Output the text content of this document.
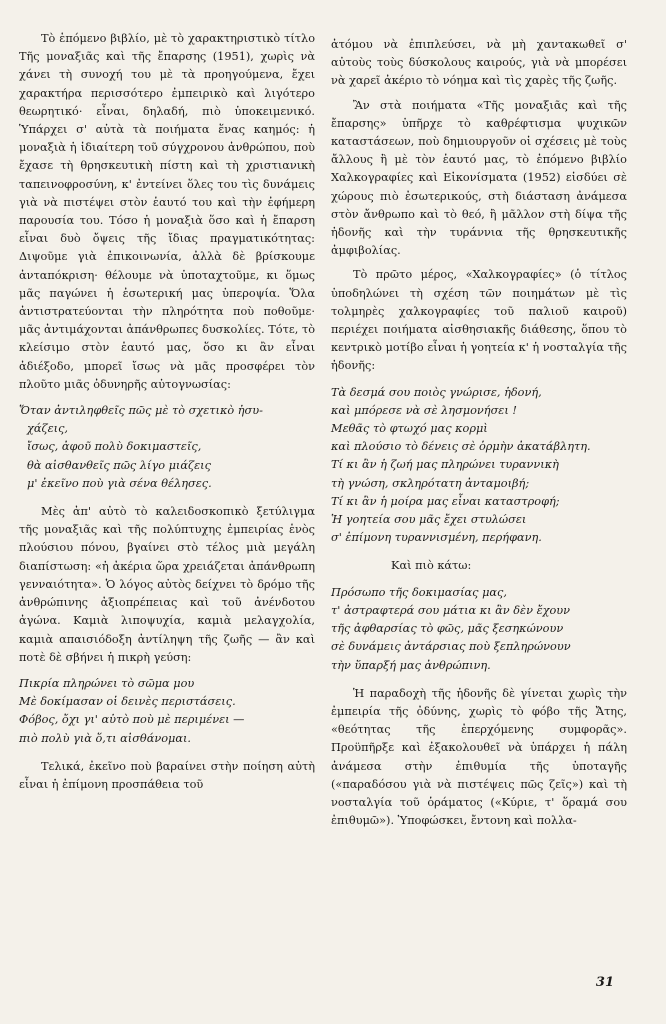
Τὸ ἑπόμενο βιβλίο, μὲ τὸ χαρακτηριστικὸ τίτλο Τῆς μοναξιᾶς καὶ τῆς ἔπαρσης (1951), χωρὶς νὰ χάνει τὴ συνοχή του μὲ τὰ προηγούμενα, ἔχει χαρακτήρα περισσότερο ἐμπειρικὸ καὶ λιγότερο θεωρητικό· εἶναι, δηλαδή, πιὸ ὑποκειμενικό. Ὑπάρχει σ' αὐτὰ τὰ ποιήματα ἕνας καημός: ἡ μοναξιὰ ἡ ἰδιαίτερη τοῦ σύγχρονου ἀνθρώπου, ποὺ ἔχασε τὴ θρησκευτικὴ πίστη καὶ τὴ χριστιανικὴ ταπεινοφροσύνη, κ' ἐντείνει ὅλες του τὶς δυνάμεις γιὰ νὰ πιστέψει στὸν ἑαυτό του καὶ τὴν ἐφήμερη παρουσία του. Τόσο ἡ μοναξιὰ ὅσο καὶ ἡ ἔπαρση εἶναι δυὸ ὄψεις τῆς ἴδιας πραγματικότητας: Διψοῦμε γιὰ ἐπικοινωνία, ἀλλὰ δὲ βρίσκουμε ἀνταπόκριση· θέλουμε νὰ ὑποταχτοῦμε, κι ὅμως μᾶς παγώνει ἡ ἐσωτερική μας ὑπεροψία. Ὅλα ἀντιστρατεύονται τὴν πληρότητα ποὺ ποθοῦμε· μᾶς ἀντιμάχονται ἀπάνθρωπες δυσκολίες. Τότε, τὸ κλείσιμο στὸν ἑαυτό μας, ὅσο κι ἂν εἶναι ἀδιέξοδο, μπορεῖ ἴσως νὰ μᾶς προσφέρει τὸν πλοῦτο μιᾶς ὀδυνηρῆς αὐτογνωσίας:

Ὅταν ἀντιληφθεῖς πῶς μὲ τὸ σχετικὸ ἠσυ-
χάζεις,
ἴσως, ἀφοῦ πολὺ δοκιμαστεῖς,
θὰ αἰσθανθεῖς πῶς λίγο μιάζεις
μ' ἐκεῖνο ποὺ γιὰ σένα θέλησες.

Μὲς ἀπ' αὐτὸ τὸ καλειδοσκοπικὸ ξετύλιγμα τῆς μοναξιᾶς καὶ τῆς πολύπτυχης ἐμπειρίας ἑνὸς πλούσιου πόνου, βγαίνει στὸ τέλος μιὰ μεγάλη διαπίστωση: «ἡ ἀκέρια ὥρα χρειάζεται ἀπάνθρωπη γενναιότητα». Ὁ λόγος αὐτὸς δείχνει τὸ δρόμο τῆς ἀνθρώπινης ἀξιοπρέπειας καὶ τοῦ ἀνένδοτου ἀγώνα. Καμιὰ λιποψυχία, καμιὰ μελαγχολία, καμιὰ απαισιόδοξη ἀντίληψη τῆς ζωῆς — ἂν καὶ ποτὲ δὲ σβήνει ἡ πικρὴ γεύση:

Πικρία πληρώνει τὸ σῶμα μου
Μὲ δοκίμασαν οἱ δεινὲς περιστάσεις.
Φόβος, ὄχι γι' αὐτὸ ποὺ μὲ περιμένει —
πιὸ πολὺ γιὰ ὅ,τι αἰσθάνομαι.

Τελικά, ἐκεῖνο ποὺ βαραίνει στὴν ποίηση αὐτὴ εἶναι ἡ ἐπίμονη προσπάθεια τοῦ

ἀτόμου νὰ ἐπιπλεύσει, νὰ μὴ χαντακωθεῖ σ' αὐτοὺς τοὺς δύσκολους καιρούς, γιὰ νὰ μπορέσει νὰ χαρεῖ ἀκέριο τὸ νόημα καὶ τὶς χαρὲς τῆς ζωῆς.

Ἂν στὰ ποιήματα «Τῆς μοναξιᾶς καὶ τῆς ἔπαρσης» ὑπῆρχε τὸ καθρέφτισμα ψυχικῶν καταστάσεων, ποὺ δημιουργοῦν οἱ σχέσεις μὲ τοὺς ἄλλους ἢ μὲ τὸν ἑαυτό μας, τὸ ἑπόμενο βιβλίο Χαλκογραφίες καὶ Εἰκονίσματα (1952) εἰσδύει σὲ χώρους πιὸ ἐσωτερικούς, στὴ διάσταση ἀνάμεσα στὸν ἄνθρωπο καὶ τὸ θεό, ἢ μᾶλλον στὴ δίψα τῆς ἡδονῆς καὶ τὴν τυράννια τῆς θρησκευτικῆς ἀμφιβολίας.

Τὸ πρῶτο μέρος, «Χαλκογραφίες» (ὁ τίτλος ὑποδηλώνει τὴ σχέση τῶν ποιημάτων μὲ τὶς τολμηρὲς χαλκογραφίες τοῦ παλιοῦ καιροῦ) περιέχει ποιήματα αἰσθησιακῆς διάθεσης, ὅπου τὸ κεντρικὸ μοτίβο εἶναι ἡ γοητεία κ' ἡ νοσταλγία τῆς ἡδονῆς:

Τὰ δεσμά σου ποιὸς γνώρισε, ἡδονή,
καὶ μπόρεσε νὰ σὲ λησμονήσει !
Μεθᾶς τὸ φτωχό μας κορμὶ
καὶ πλούσιο τὸ δένεις σὲ ὁρμὴν ἀκατάβλητη.
Τί κι ἂν ἡ ζωή μας πληρώνει τυραννικὴ
τὴ γνώση, σκληρότατη ἀνταμοιβή;
Τί κι ἂν ἡ μοίρα μας εἶναι καταστροφή;
Ἡ γοητεία σου μᾶς ἔχει στυλώσει
σ' ἐπίμονη τυραννισμένη, περήφανη.
Καὶ πιὸ κάτω:
Πρόσωπο τῆς δοκιμασίας μας,
τ' ἀστραφτερά σου μάτια κι ἂν δὲν ἔχουν
τῆς ἀφθαρσίας τὸ φῶς, μᾶς ξεσηκώνουν
σὲ δυνάμεις ἀντάρσιας ποὺ ξεπληρώνουν
τὴν ὕπαρξή μας ἀνθρώπινη.

Ἡ παραδοχὴ τῆς ἡδονῆς δὲ γίνεται χωρὶς τὴν ἐμπειρία τῆς ὀδύνης, χωρὶς τὸ φόβο τῆς Ἄτης, «θεότητας τῆς ἐπερχόμενης συμφορᾶς». Προϋπῆρξε καὶ ἐξακολουθεῖ νὰ ὑπάρχει ἡ πάλη ἀνάμεσα στὴν ἐπιθυμία τῆς ὑποταγῆς («παραδόσου γιὰ νὰ πιστέψεις πῶς ζεῖς») καὶ τὴ νοσταλγία τοῦ ὁράματος («Κύριε, τ' ὅραμά σου ἐπιθυμῶ»). Ὑποφώσκει, ἔντονη καὶ πολλα-

31
